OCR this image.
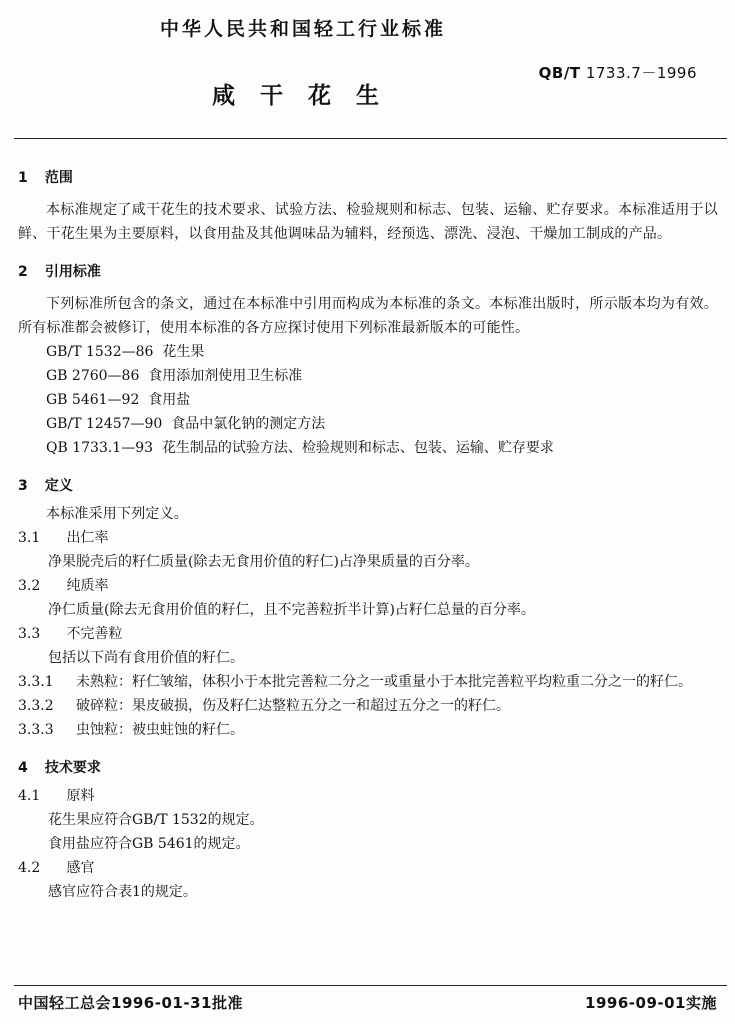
中华人民共和国轻工行业标准
QB/T 1733.7－1996
咸干花生
1 范围
本标准规定了咸干花生的技术要求、试验方法、检验规则和标志、包装、运输、贮存要求。本标准适用于以鲜、干花生果为主要原料，以食用盐及其他调味品为辅料，经预选、漂洗、浸泡、干燥加工制成的产品。
2 引用标准
下列标准所包含的条文，通过在本标准中引用而构成为本标准的条文。本标准出版时，所示版本均为有效。所有标准都会被修订，使用本标准的各方应探讨使用下列标准最新版本的可能性。
GB/T 1532—86 花生果
GB 2760—86 食用添加剂使用卫生标准
GB 5461—92 食用盐
GB/T 12457—90 食品中氯化钠的测定方法
QB 1733.1—93 花生制品的试验方法、检验规则和标志、包装、运输、贮存要求
3 定义
本标准采用下列定义。
3.1 出仁率
净果脱壳后的籽仁质量(除去无食用价值的籽仁)占净果质量的百分率。
3.2 纯质率
净仁质量(除去无食用价值的籽仁，且不完善粒折半计算)占籽仁总量的百分率。
3.3 不完善粒
包括以下尚有食用价值的籽仁。
3.3.1 未熟粒：籽仁皱缩，体积小于本批完善粒二分之一或重量小于本批完善粒平均粒重二分之一的籽仁。
3.3.2 破碎粒：果皮破损，伤及籽仁达整粒五分之一和超过五分之一的籽仁。
3.3.3 虫蚀粒：被虫蛀蚀的籽仁。
4 技术要求
4.1 原料
花生果应符合GB/T 1532的规定。
食用盐应符合GB 5461的规定。
4.2 感官
感官应符合表1的规定。
中国轻工总会1996-01-31批准	1996-09-01实施
